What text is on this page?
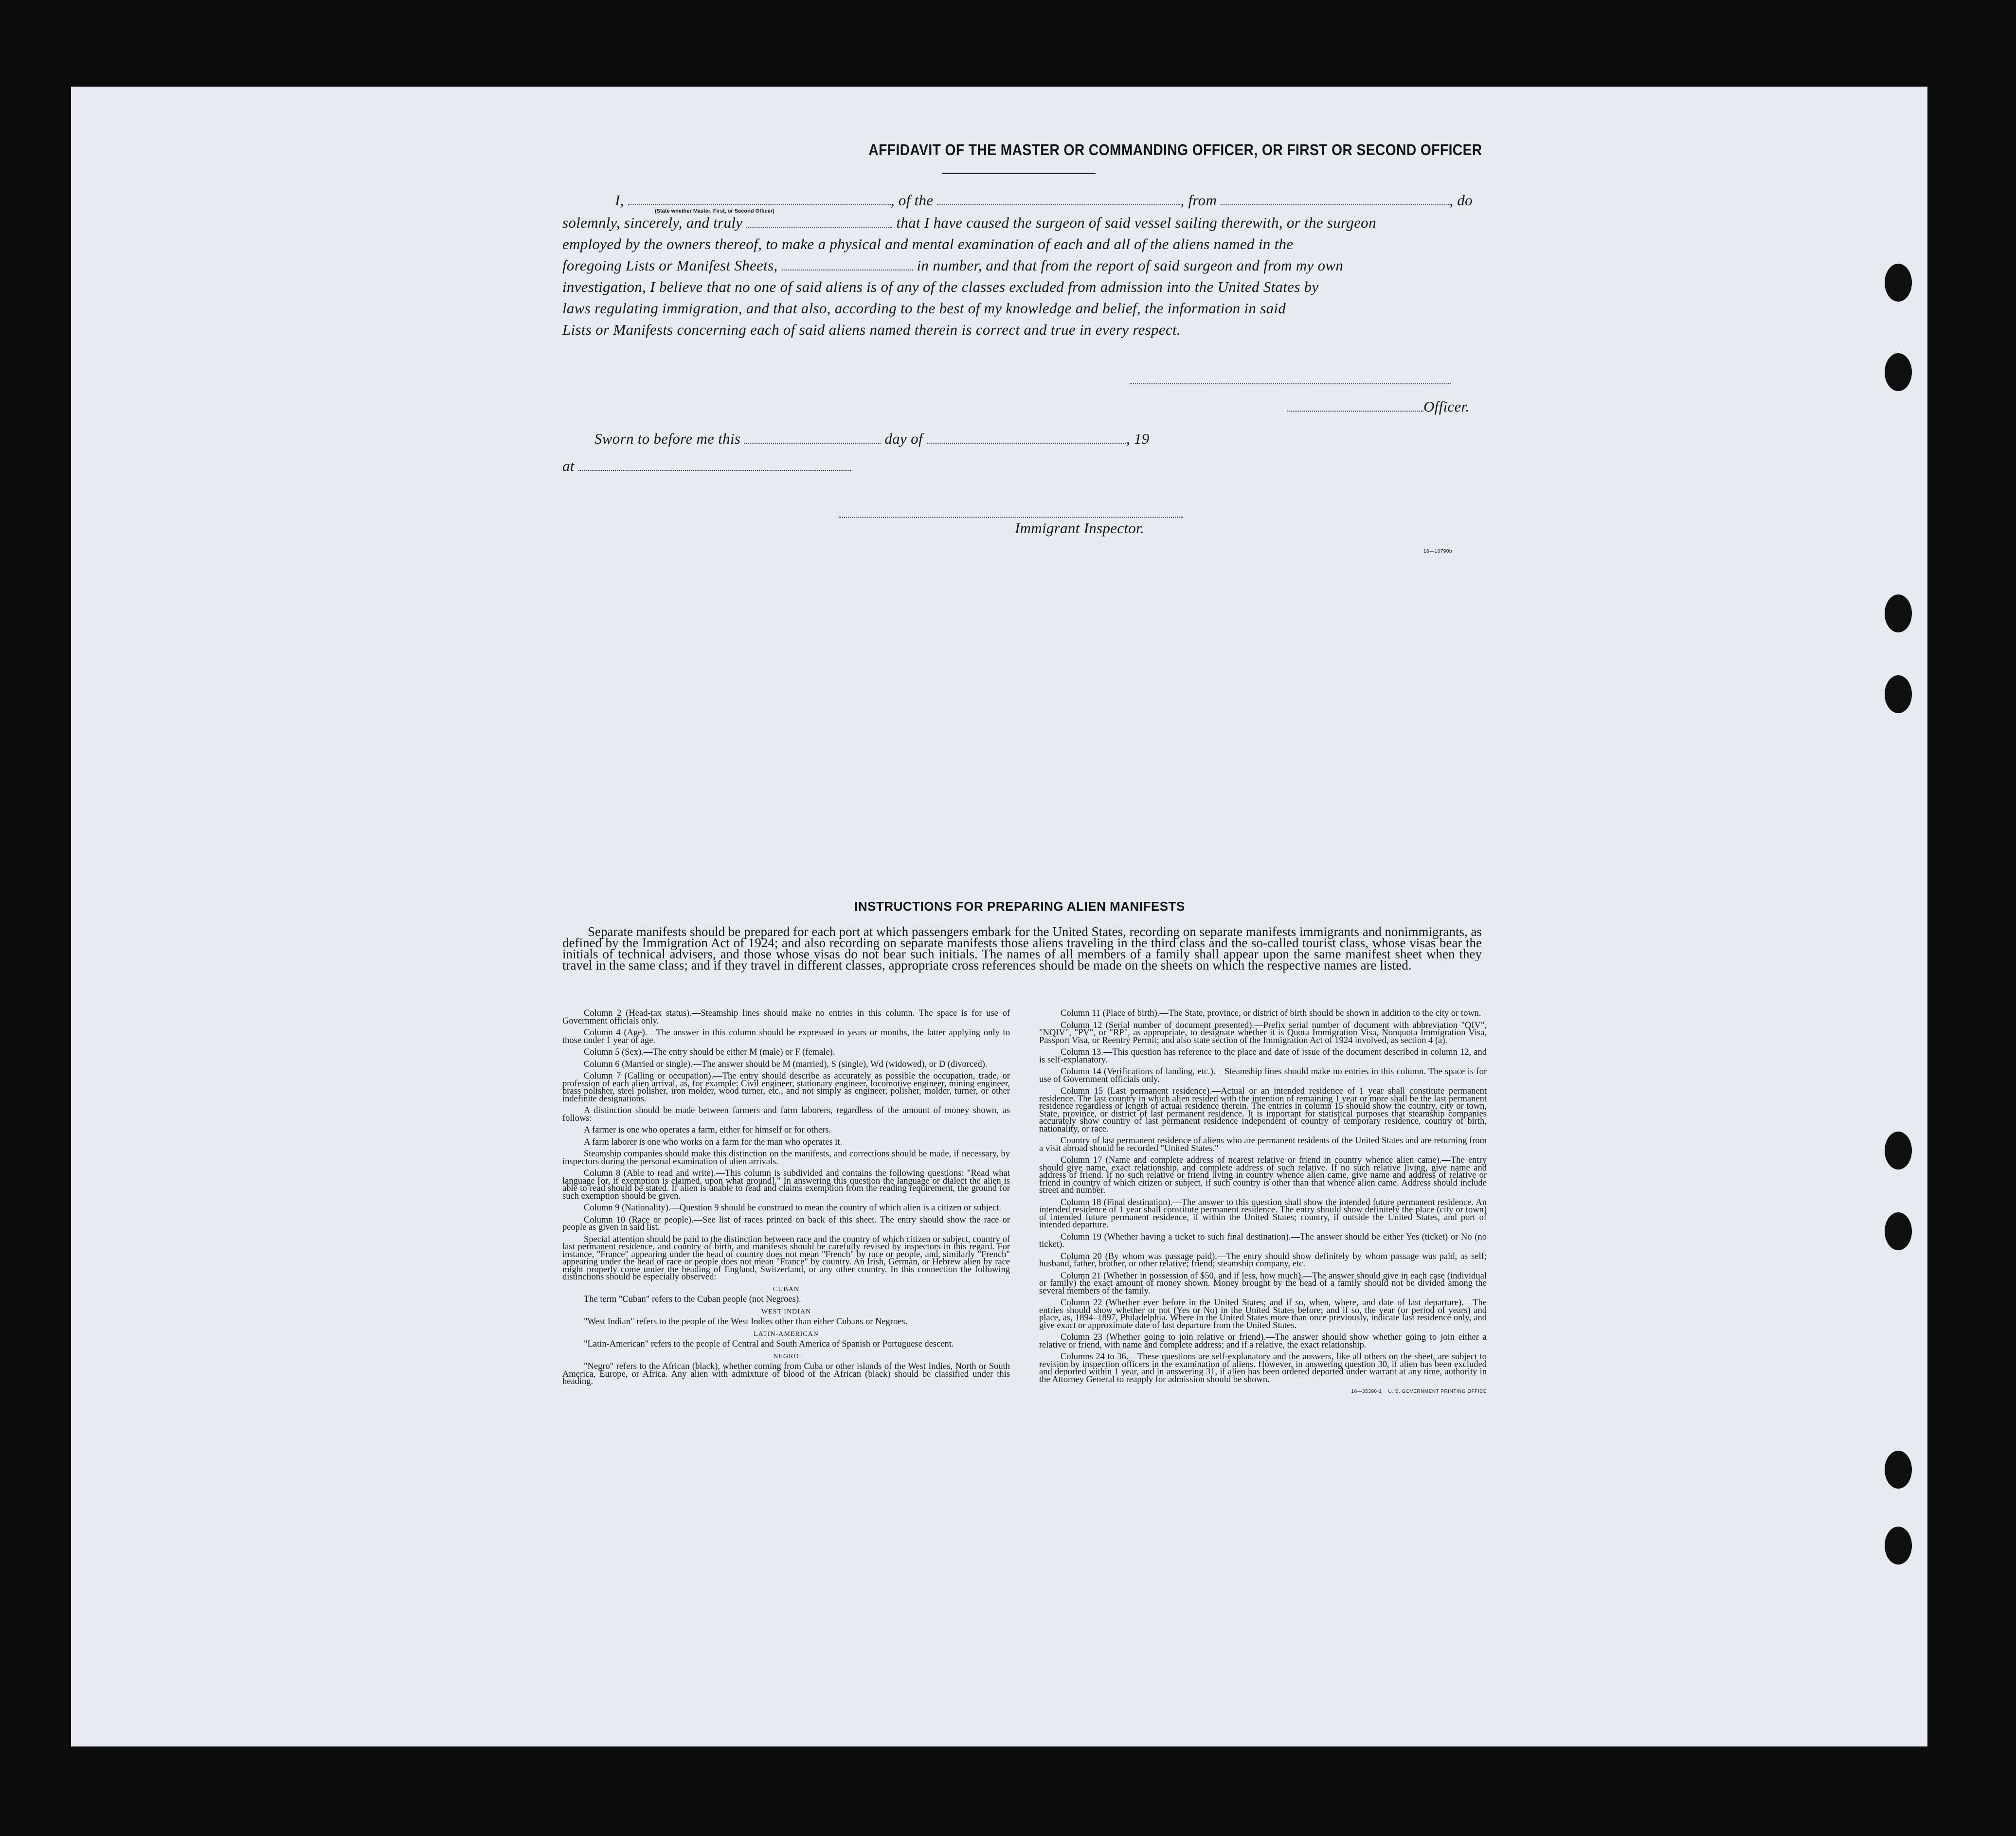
AFFIDAVIT OF THE MASTER OR COMMANDING OFFICER, OR FIRST OR SECOND OFFICER
I,	, of the	, from	, do
(State whether Master, First, or Second Officer)
solemnly, sincerely, and truly	that I have caused the surgeon of said vessel sailing therewith, or the surgeon
employed by the owners thereof, to make a physical and mental examination of each and all of the aliens named in the
foregoing Lists or Manifest Sheets,	in number, and that from the report of said surgeon and from my own
investigation, I believe that no one of said aliens is of any of the classes excluded from admission into the United States by
laws regulating immigration, and that also, according to the best of my knowledge and belief, the information in said
Lists or Manifests concerning each of said aliens named therein is correct and true in every respect.
Officer.
Sworn to before me this	day of	, 19
at
Immigrant Inspector.
16—16790b
INSTRUCTIONS FOR PREPARING ALIEN MANIFESTS
Separate manifests should be prepared for each port at which passengers embark for the United States, recording on separate manifests immigrants and nonimmigrants, as defined by the Immigration Act of 1924; and also recording on separate manifests those aliens traveling in the third class and the so-called tourist class, whose visas bear the initials of technical advisers, and those whose visas do not bear such initials. The names of all members of a family shall appear upon the same manifest sheet when they travel in the same class; and if they travel in different classes, appropriate cross references should be made on the sheets on which the respective names are listed.

Column 2 (Head-tax status).—Steamship lines should make no entries in this column. The space is for use of Government officials only.

Column 4 (Age).—The answer in this column should be expressed in years or months, the latter applying only to those under 1 year of age.

Column 5 (Sex).—The entry should be either M (male) or F (female).

Column 6 (Married or single).—The answer should be M (married), S (single), Wd (widowed), or D (divorced).

Column 7 (Calling or occupation).—The entry should describe as accurately as possible the occupation, trade, or profession of each alien arrival, as, for example: Civil engineer, stationary engineer, locomotive engineer, mining engineer, brass polisher, steel polisher, iron molder, wood turner, etc., and not simply as engineer, polisher, molder, turner, or other indefinite designations.

A distinction should be made between farmers and farm laborers, regardless of the amount of money shown, as follows:

A farmer is one who operates a farm, either for himself or for others.

A farm laborer is one who works on a farm for the man who operates it.

Steamship companies should make this distinction on the manifests, and corrections should be made, if necessary, by inspectors during the personal examination of alien arrivals.

Column 8 (Able to read and write).—This column is subdivided and contains the following questions: "Read what language [or, if exemption is claimed, upon what ground]." In answering this question the language or dialect the alien is able to read should be stated. If alien is unable to read and claims exemption from the reading requirement, the ground for such exemption should be given.

Column 9 (Nationality).—Question 9 should be construed to mean the country of which alien is a citizen or subject.

Column 10 (Race or people).—See list of races printed on back of this sheet. The entry should show the race or people as given in said list.

Special attention should be paid to the distinction between race and the country of which citizen or subject, country of last permanent residence, and country of birth, and manifests should be carefully revised by inspectors in this regard. For instance, "France" appearing under the head of country does not mean "French" by race or people, and, similarly "French" appearing under the head of race or people does not mean "France" by country. An Irish, German, or Hebrew alien by race might properly come under the heading of England, Switzerland, or any other country. In this connection the following distinctions should be especially observed:

CUBAN

The term "Cuban" refers to the Cuban people (not Negroes).

WEST INDIAN

"West Indian" refers to the people of the West Indies other than either Cubans or Negroes.

LATIN-AMERICAN

"Latin-American" refers to the people of Central and South America of Spanish or Portuguese descent.

NEGRO

"Negro" refers to the African (black), whether coming from Cuba or other islands of the West Indies, North or South America, Europe, or Africa. Any alien with admixture of blood of the African (black) should be classified under this heading.

Column 11 (Place of birth).—The State, province, or district of birth should be shown in addition to the city or town.

Column 12 (Serial number of document presented).—Prefix serial number of document with abbreviation "QIV", "NQIV", "PV", or "RP", as appropriate, to designate whether it is Quota Immigration Visa, Nonquota Immigration Visa, Passport Visa, or Reentry Permit; and also state section of the Immigration Act of 1924 involved, as section 4 (a).

Column 13.—This question has reference to the place and date of issue of the document described in column 12, and is self-explanatory.

Column 14 (Verifications of landing, etc.).—Steamship lines should make no entries in this column. The space is for use of Government officials only.

Column 15 (Last permanent residence).—Actual or an intended residence of 1 year shall constitute permanent residence. The last country in which alien resided with the intention of remaining 1 year or more shall be the last permanent residence regardless of length of actual residence therein. The entries in column 15 should show the country, city or town, State, province, or district of last permanent residence. It is important for statistical purposes that steamship companies accurately show country of last permanent residence independent of country of temporary residence, country of birth, nationality, or race.

Country of last permanent residence of aliens who are permanent residents of the United States and are returning from a visit abroad should be recorded "United States."

Column 17 (Name and complete address of nearest relative or friend in country whence alien came).—The entry should give name, exact relationship, and complete address of such relative. If no such relative living, give name and address of friend. If no such relative or friend living in country whence alien came, give name and address of relative or friend in country of which citizen or subject, if such country is other than that whence alien came. Address should include street and number.

Column 18 (Final destination).—The answer to this question shall show the intended future permanent residence. An intended residence of 1 year shall constitute permanent residence. The entry should show definitely the place (city or town) of intended future permanent residence, if within the United States; country, if outside the United States, and port of intended departure.

Column 19 (Whether having a ticket to such final destination).—The answer should be either Yes (ticket) or No (no ticket).

Column 20 (By whom was passage paid).—The entry should show definitely by whom passage was paid, as self; husband, father, brother, or other relative; friend; steamship company, etc.

Column 21 (Whether in possession of $50, and if less, how much).—The answer should give in each case (individual or family) the exact amount of money shown. Money brought by the head of a family should not be divided among the several members of the family.

Column 22 (Whether ever before in the United States; and if so, when, where, and date of last departure).—The entries should show whether or not (Yes or No) in the United States before; and if so, the year (or period of years) and place, as, 1894–1897, Philadelphia. Where in the United States more than once previously, indicate last residence only, and give exact or approximate date of last departure from the United States.

Column 23 (Whether going to join relative or friend).—The answer should show whether going to join either a relative or friend, with name and complete address; and if a relative, the exact relationship.

Columns 24 to 36.—These questions are self-explanatory and the answers, like all others on the sheet, are subject to revision by inspection officers in the examination of aliens. However, in answering question 30, if alien has been excluded and deported within 1 year, and in answering 31, if alien has been ordered deported under warrant at any time, authority in the Attorney General to reapply for admission should be shown.

16—35390-1 U. S. GOVERNMENT PRINTING OFFICE
